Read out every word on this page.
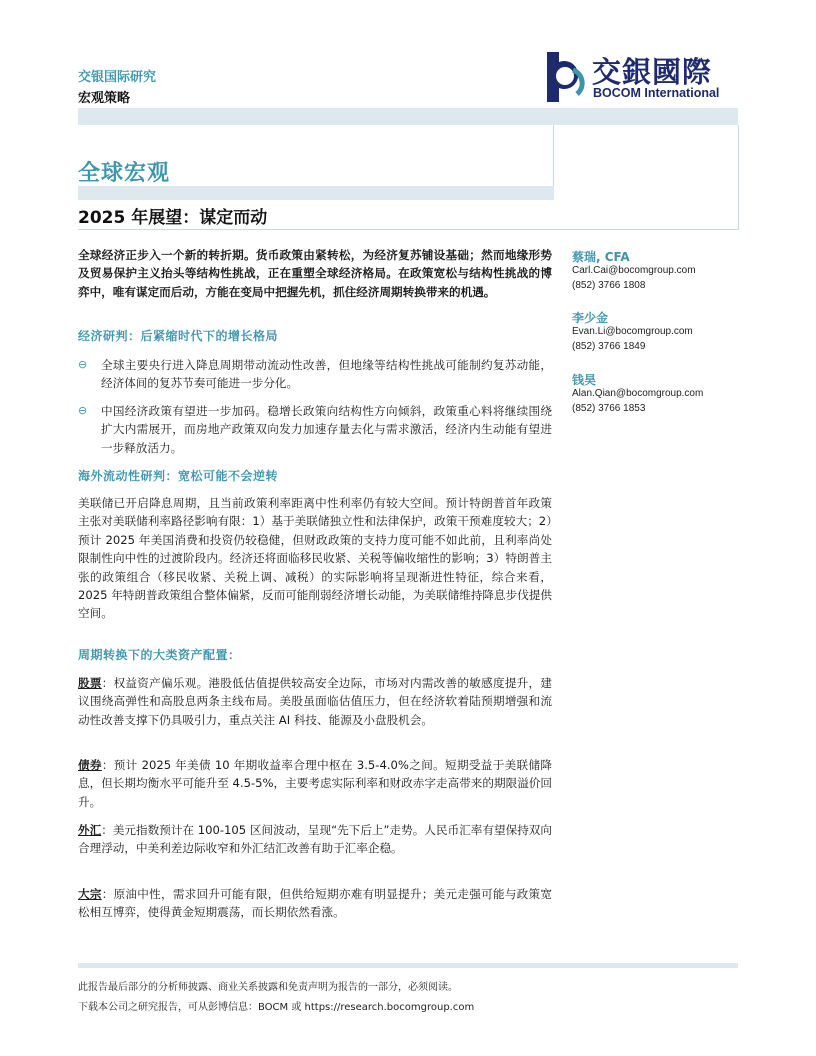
交银国际研究
宏观策略
交銀國際
BOCOM International
全球宏观
2025 年展望：谋定而动
全球经济正步入一个新的转折期。货币政策由紧转松，为经济复苏铺设基础；然而地缘形势及贸易保护主义抬头等结构性挑战，正在重塑全球经济格局。在政策宽松与结构性挑战的博弈中，唯有谋定而后动，方能在变局中把握先机，抓住经济周期转换带来的机遇。
经济研判：后紧缩时代下的增长格局
⊖ 全球主要央行进入降息周期带动流动性改善，但地缘等结构性挑战可能制约复苏动能，经济体间的复苏节奏可能进一步分化。
⊖ 中国经济政策有望进一步加码。稳增长政策向结构性方向倾斜，政策重心料将继续围绕扩大内需展开，而房地产政策双向发力加速存量去化与需求激活，经济内生动能有望进一步释放活力。
海外流动性研判：宽松可能不会逆转
美联储已开启降息周期，且当前政策利率距离中性利率仍有较大空间。预计特朗普首年政策主张对美联储利率路径影响有限：1）基于美联储独立性和法律保护，政策干预难度较大；2）预计 2025 年美国消费和投资仍较稳健，但财政政策的支持力度可能不如此前，且利率尚处限制性向中性的过渡阶段内。经济还将面临移民收紧、关税等偏收缩性的影响；3）特朗普主张的政策组合（移民收紧、关税上调、减税）的实际影响将呈现渐进性特征，综合来看，2025 年特朗普政策组合整体偏紧，反而可能削弱经济增长动能，为美联储维持降息步伐提供空间。
周期转换下的大类资产配置：
股票：权益资产偏乐观。港股低估值提供较高安全边际，市场对内需改善的敏感度提升，建议围绕高弹性和高股息两条主线布局。美股虽面临估值压力，但在经济软着陆预期增强和流动性改善支撑下仍具吸引力，重点关注 AI 科技、能源及小盘股机会。
债券：预计 2025 年美债 10 年期收益率合理中枢在 3.5-4.0%之间。短期受益于美联储降息，但长期均衡水平可能升至 4.5-5%，主要考虑实际利率和财政赤字走高带来的期限溢价回升。
外汇：美元指数预计在 100-105 区间波动，呈现“先下后上”走势。人民币汇率有望保持双向合理浮动，中美利差边际收窄和外汇结汇改善有助于汇率企稳。
大宗：原油中性，需求回升可能有限，但供给短期亦难有明显提升；美元走强可能与政策宽松相互博弈，使得黄金短期震荡，而长期依然看涨。
蔡瑞, CFA
Carl.Cai@bocomgroup.com
(852) 3766 1808
李少金
Evan.Li@bocomgroup.com
(852) 3766 1849
钱昊
Alan.Qian@bocomgroup.com
(852) 3766 1853
此报告最后部分的分析师披露、商业关系披露和免责声明为报告的一部分，必须阅读。
下载本公司之研究报告，可从彭博信息：BOCM 或 https://research.bocomgroup.com
